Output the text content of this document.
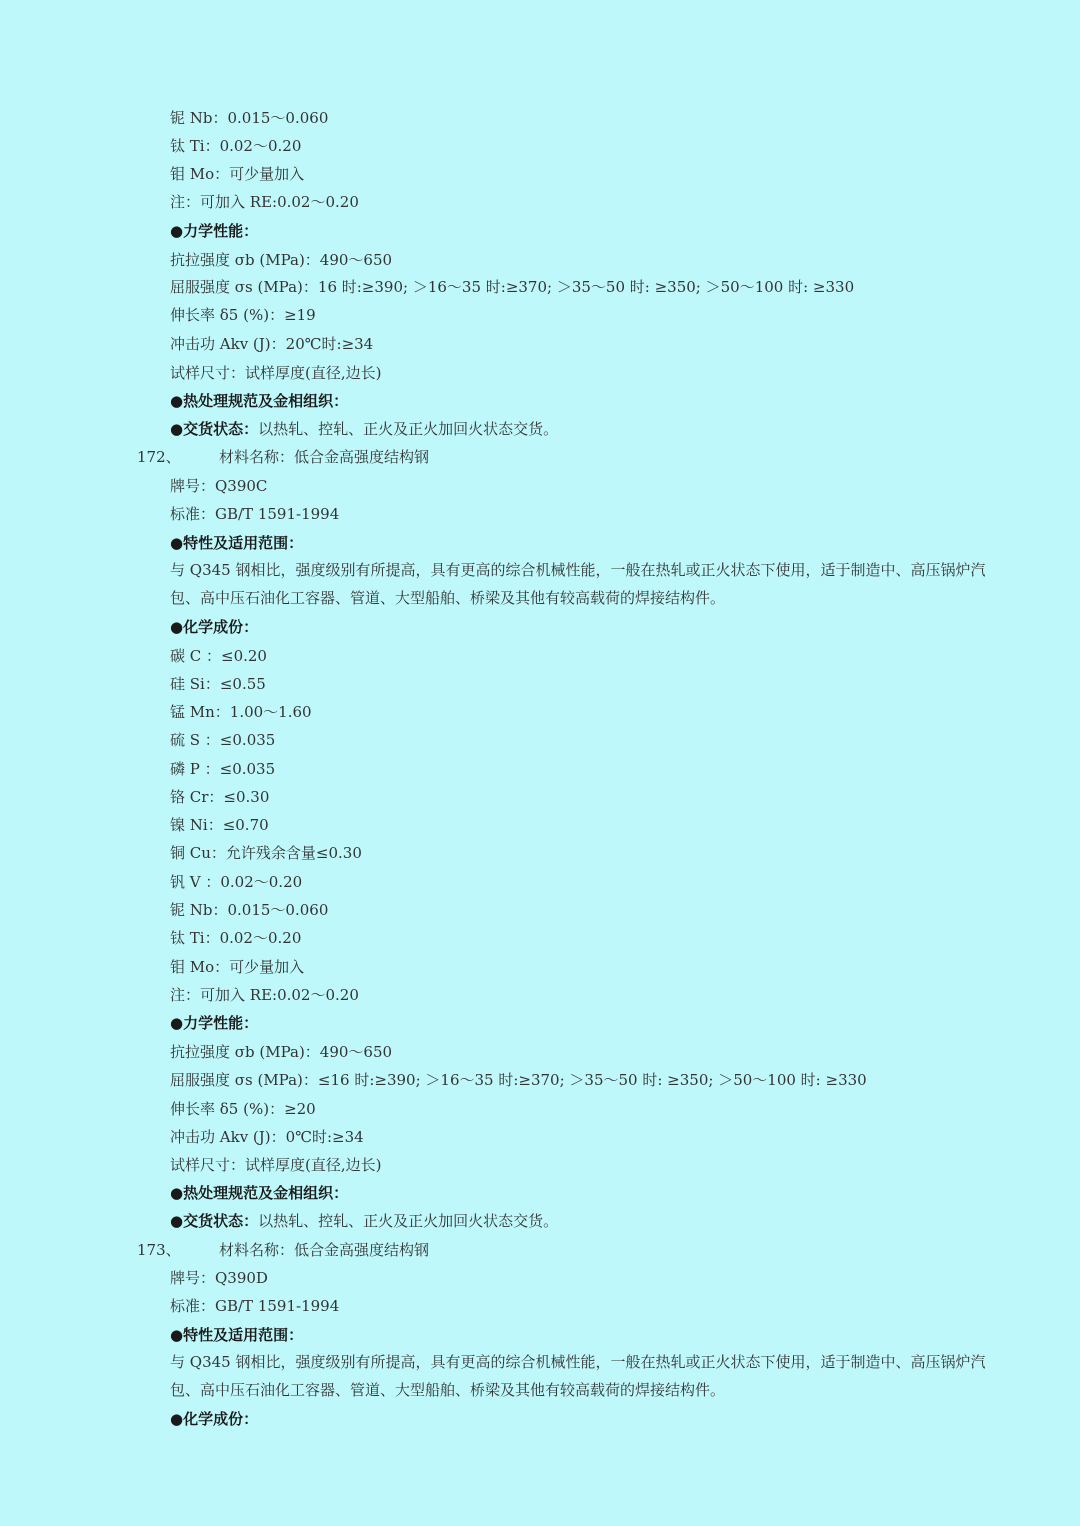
铌 Nb：0.015～0.060
钛 Ti：0.02～0.20
钼 Mo：可少量加入
注：可加入 RE:0.02～0.20
●力学性能：
抗拉强度 σb (MPa)：490～650
屈服强度 σs (MPa)：16 时:≥390; ＞16～35 时:≥370; ＞35～50 时: ≥350; ＞50～100 时: ≥330
伸长率 δ5 (%)：≥19
冲击功 Akv (J)：20℃时:≥34
试样尺寸：试样厚度(直径,边长)
●热处理规范及金相组织：
●交货状态：以热轧、控轧、正火及正火加回火状态交货。
172、	材料名称：低合金高强度结构钢
牌号：Q390C
标准：GB/T 1591-1994
●特性及适用范围：
与 Q345 钢相比，强度级别有所提高，具有更高的综合机械性能，一般在热轧或正火状态下使用，适于制造中、高压锅炉汽包、高中压石油化工容器、管道、大型船舶、桥梁及其他有较高载荷的焊接结构件。
●化学成份：
碳 C ：≤0.20
硅 Si：≤0.55
锰 Mn：1.00～1.60
硫 S ：≤0.035
磷 P ：≤0.035
铬 Cr：≤0.30
镍 Ni：≤0.70
铜 Cu：允许残余含量≤0.30
钒 V ：0.02～0.20
铌 Nb：0.015～0.060
钛 Ti：0.02～0.20
钼 Mo：可少量加入
注：可加入 RE:0.02～0.20
●力学性能：
抗拉强度 σb (MPa)：490～650
屈服强度 σs (MPa)：≤16 时:≥390; ＞16～35 时:≥370; ＞35～50 时: ≥350; ＞50～100 时: ≥330
伸长率 δ5 (%)：≥20
冲击功 Akv (J)：0℃时:≥34
试样尺寸：试样厚度(直径,边长)
●热处理规范及金相组织：
●交货状态：以热轧、控轧、正火及正火加回火状态交货。
173、	材料名称：低合金高强度结构钢
牌号：Q390D
标准：GB/T 1591-1994
●特性及适用范围：
与 Q345 钢相比，强度级别有所提高，具有更高的综合机械性能，一般在热轧或正火状态下使用，适于制造中、高压锅炉汽包、高中压石油化工容器、管道、大型船舶、桥梁及其他有较高载荷的焊接结构件。
●化学成份：
